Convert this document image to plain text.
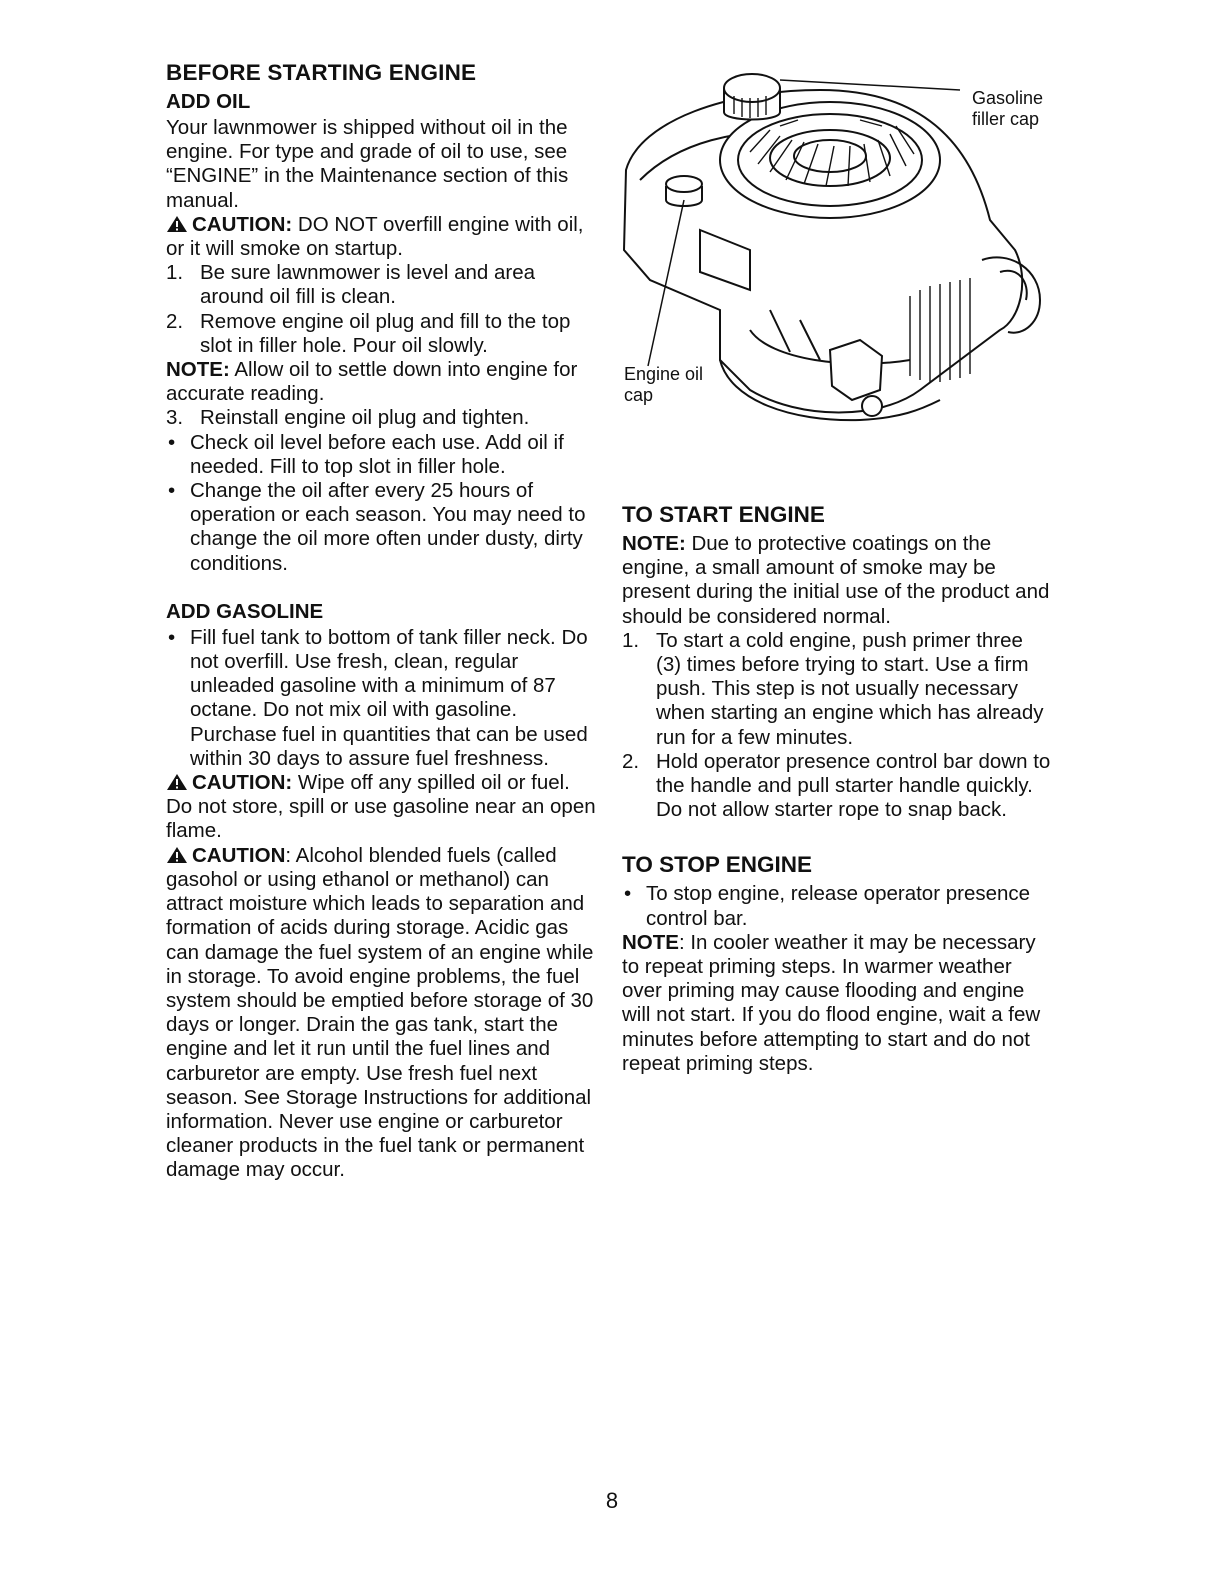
BEFORE STARTING ENGINE
ADD OIL

Your lawnmower is shipped without oil in the engine. For type and grade of oil to use, see “ENGINE” in the Maintenance section of this manual.

CAUTION: DO NOT overfill engine with oil, or it will smoke on startup.

1. Be sure lawnmower is level and area around oil fill is clean.
2. Remove engine oil plug and fill to the top slot in filler hole. Pour oil slowly.

NOTE: Allow oil to settle down into engine for accurate reading.

3. Reinstall engine oil plug and tighten.
• Check oil level before each use. Add oil if needed. Fill to top slot in filler hole.
• Change the oil after every 25 hours of operation or each season. You may need to change the oil more often under dusty, dirty conditions.
ADD GASOLINE
• Fill fuel tank to bottom of tank filler neck. Do not overfill. Use fresh, clean, regular unleaded gasoline with a minimum of 87 octane. Do not mix oil with gasoline. Purchase fuel in quantities that can be used within 30 days to assure fuel freshness.

CAUTION: Wipe off any spilled oil or fuel. Do not store, spill or use gasoline near an open flame.

CAUTION: Alcohol blended fuels (called gasohol or using ethanol or methanol) can attract moisture which leads to separation and formation of acids during storage. Acidic gas can damage the fuel system of an engine while in storage. To avoid engine problems, the fuel system should be emptied before storage of 30 days or longer. Drain the gas tank, start the engine and let it run until the fuel lines and carburetor are empty. Use fresh fuel next season. See Storage Instructions for additional information. Never use engine or carburetor cleaner products in the fuel tank or permanent damage may occur.

Gasoline filler cap
Engine oil cap
TO START ENGINE

NOTE: Due to protective coatings on the engine, a small amount of smoke may be present during the initial use of the product and should be considered normal.

1. To start a cold engine, push primer three (3) times before trying to start. Use a firm push. This step is not usually necessary when starting an engine which has already run for a few minutes.
2. Hold operator presence control bar down to the handle and pull starter handle quickly. Do not allow starter rope to snap back.
TO STOP ENGINE
• To stop engine, release operator presence control bar.

NOTE: In cooler weather it may be necessary to repeat priming steps. In warmer weather over priming may cause flooding and engine will not start. If you do flood engine, wait a few minutes before attempting to start and do not repeat priming steps.

8
